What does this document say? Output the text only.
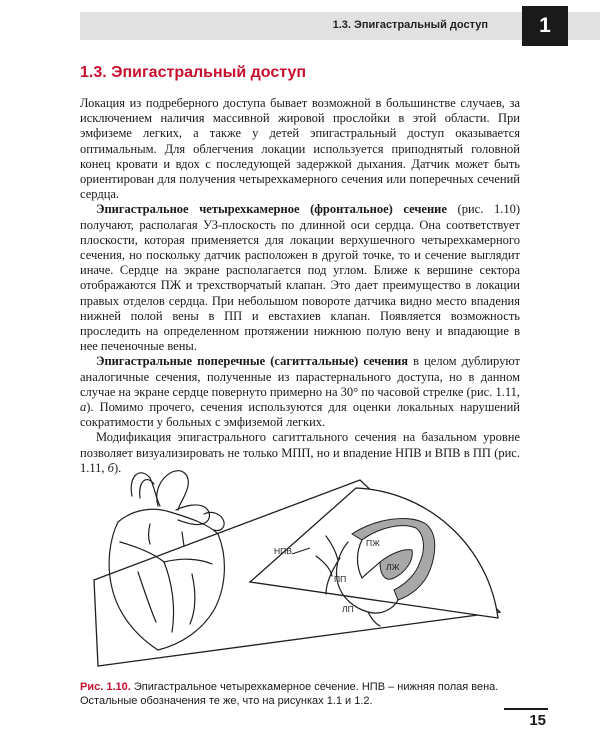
1.3. Эпигастральный доступ	1
1.3. Эпигастральный доступ

Локация из подреберного доступа бывает возможной в большинстве случаев, за исключением наличия массивной жировой прослойки в этой области. При эмфиземе легких, а также у детей эпигастральный доступ оказывается оптимальным. Для облегчения локации используется приподнятый головной конец кровати и вдох с последующей задержкой дыхания. Датчик может быть ориентирован для получения четырехкамерного сечения или поперечных сечений сердца.

Эпигастральное четырехкамерное (фронтальное) сечение (рис. 1.10) получают, располагая УЗ-плоскость по длинной оси сердца. Она соответствует плоскости, которая применяется для локации верхушечного четырехкамерного сечения, но поскольку датчик расположен в другой точке, то и сечение выглядит иначе. Сердце на экране располагается под углом. Ближе к вершине сектора отображаются ПЖ и трехстворчатый клапан. Это дает преимущество в локации правых отделов сердца. При небольшом повороте датчика видно место впадения нижней полой вены в ПП и евстахиев клапан. Появляется возможность проследить на определенном протяжении нижнюю полую вену и впадающие в нее печеночные вены.

Эпигастральные поперечные (сагиттальные) сечения в целом дублируют аналогичные сечения, полученные из парастернального доступа, но в данном случае на экране сердце повернуто примерно на 30° по часовой стрелке (рис. 1.11, а). Помимо прочего, сечения используются для оценки локальных нарушений сократимости у больных с эмфиземой легких.

Модификация эпигастрального сагиттального сечения на базальном уровне позволяет визуализировать не только МПП, но и впадение НПВ и ВПВ в ПП (рис. 1.11, б).

НПВ
ПЖ
ПП
ЛЖ
ЛП
Рис. 1.10. Эпигастральное четырехкамерное сечение. НПВ – нижняя полая вена. Остальные обозначения те же, что на рисунках 1.1 и 1.2.
15
